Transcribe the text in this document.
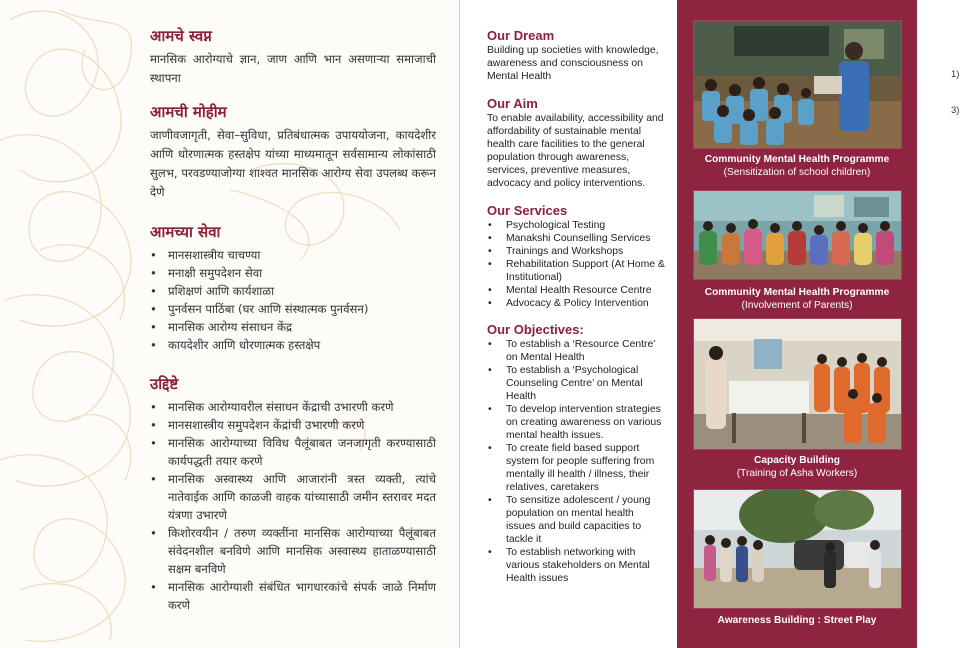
आमचे स्वप्न

मानसिक आरोग्याचे ज्ञान, जाण आणि भान असणाऱ्या समाजाची स्थापना

आमची मोहीम

जाणीवजागृती, सेवा–सुविधा, प्रतिबंधात्मक उपाययोजना, कायदेशीर आणि धोरणात्मक हस्तक्षेप यांच्या माध्यमातून सर्वसामान्य लोकांसाठी सुलभ, परवडण्याजोग्या शाश्वत मानसिक आरोग्य सेवा उपलब्ध करून देणे

आमच्या सेवा
• मानसशास्त्रीय चाचण्या
• मनाक्षी समुपदेशन सेवा
• प्रशिक्षणं आणि कार्यशाळा
• पुनर्वसन पाठिंबा (घर आणि संस्थात्मक पुनर्वसन)
• मानसिक आरोग्य संसाधन केंद्र
• कायदेशीर आणि धोरणात्मक हस्तक्षेप
उद्दिष्टे
• मानसिक आरोग्यावरील संसाधन केंद्राची उभारणी करणे
• मानसशास्त्रीय समुपदेशन केंद्रांची उभारणी करणे
• मानसिक आरोग्याच्या विविध पैलूंबाबत जनजागृती करण्यासाठी कार्यपद्धती तयार करणे
• मानसिक अस्वास्थ्य आणि आजारांनी त्रस्त व्यक्ती, त्यांचे नातेवाईक आणि काळजी वाहक यांच्यासाठी जमीन स्तरावर मदत यंत्रणा उभारणे
• किशोरवयीन / तरुण व्यक्तींना मानसिक आरोग्याच्या पैलूंबाबत संवेदनशील बनविणे आणि मानसिक अस्वास्थ्य हाताळण्यासाठी सक्षम बनविणे
• मानसिक आरोग्याशी संबंधित भागधारकांचे संपर्क जाळे निर्माण करणे
Our Dream

Building up societies with knowledge, awareness and consciousness on Mental Health

Our Aim

To enable availability, accessibility and affordability of sustainable mental health care facilities to the general population through awareness, services, preventive measures, advocacy and policy interventions.

Our Services
• Psychological Testing
• Manakshi Counselling Services
• Trainings and Workshops
• Rehabilitation Support (At Home & Institutional)
• Mental Health Resource Centre
• Advocacy & Policy Intervention
Our Objectives:
• To establish a ‘Resource Centre’ on Mental Health
• To establish a ‘Psychological Counseling Centre’ on Mental Health
• To develop intervention strategies on creating awareness on various mental health issues.
• To create field based support system for people suffering from mentally ill health / illness, their relatives, caretakers
• To sensitize adolescent / young population on mental health issues and build capacities to tackle it
• To establish networking with various stakeholders on Mental Health issues
Community Mental Health Programme
(Sensitization of school children)
Community Mental Health Programme
(Involvement of Parents)
Capacity Building
(Training of Asha Workers)
Awareness Building : Street Play
1)
3)
